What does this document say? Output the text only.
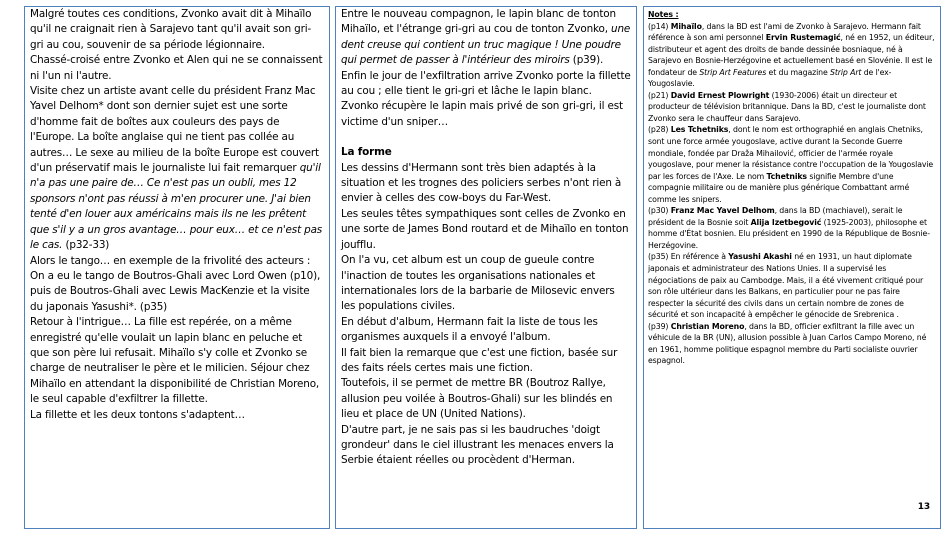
Malgré toutes ces conditions, Zvonko avait dit à Mihaïlo qu'il ne craignait rien à Sarajevo tant qu'il avait son gri-gri au cou, souvenir de sa période légionnaire.

Chassé-croisé entre Zvonko et Alen qui ne se connaissent ni l'un ni l'autre.

Visite chez un artiste avant celle du président Franz Mac Yavel Delhom* dont son dernier sujet est une sorte d'homme fait de boîtes aux couleurs des pays de l'Europe. La boîte anglaise qui ne tient pas collée au autres… Le sexe au milieu de la boîte Europe est couvert d'un préservatif mais le journaliste lui fait remarquer qu'il n'a pas une paire de… Ce n'est pas un oubli, mes 12 sponsors n'ont pas réussi à m'en procurer une. J'ai bien tenté d'en louer aux américains mais ils ne les prêtent que s'il y a un gros avantage… pour eux… et ce n'est pas le cas. (p32-33)

Alors le tango… en exemple de la frivolité des acteurs :

On a eu le tango de Boutros-Ghali avec Lord Owen (p10), puis de Boutros-Ghali avec Lewis MacKenzie et la visite du japonais Yasushi*. (p35)

Retour à l'intrigue… La fille est repérée, on a même enregistré qu'elle voulait un lapin blanc en peluche et que son père lui refusait. Mihaïlo s'y colle et Zvonko se charge de neutraliser le père et le milicien. Séjour chez Mihaïlo en attendant la disponibilité de Christian Moreno, le seul capable d'exfiltrer la fillette.

La fillette et les deux tontons s'adaptent…

Entre le nouveau compagnon, le lapin blanc de tonton Mihaïlo, et l'étrange gri-gri au cou de tonton Zvonko, une dent creuse qui contient un truc magique ! Une poudre qui permet de passer à l'intérieur des miroirs (p39).

Enfin le jour de l'exfiltration arrive Zvonko porte la fillette au cou ; elle tient le gri-gri et lâche le lapin blanc. Zvonko récupère le lapin mais privé de son gri-gri, il est victime d'un sniper…

La forme

Les dessins d'Hermann sont très bien adaptés à la situation et les trognes des policiers serbes n'ont rien à envier à celles des cow-boys du Far-West.

Les seules têtes sympathiques sont celles de Zvonko en une sorte de James Bond routard et de Mihaïlo en tonton joufflu.

On l'a vu, cet album est un coup de gueule contre l'inaction de toutes les organisations nationales et internationales lors de la barbarie de Milosevic envers les populations civiles.

En début d'album, Hermann fait la liste de tous les organismes auxquels il a envoyé l'album.

Il fait bien la remarque que c'est une fiction, basée sur des faits réels certes mais une fiction.

Toutefois, il se permet de mettre BR (Boutroz Rallye, allusion peu voilée à Boutros-Ghali) sur les blindés en lieu et place de UN (United Nations).

D'autre part, je ne sais pas si les baudruches 'doigt grondeur' dans le ciel illustrant les menaces envers la Serbie étaient réelles ou procèdent d'Herman.

Notes :

(p14) Mihaïlo, dans la BD est l'ami de Zvonko à Sarajevo. Hermann fait référence à son ami personnel Ervin Rustemagić, né en 1952, un éditeur, distributeur et agent des droits de bande dessinée bosniaque, né à Sarajevo en Bosnie-Herzégovine et actuellement basé en Slovénie. Il est le fondateur de Strip Art Features et du magazine Strip Art de l'ex-Yougoslavie.

(p21) David Ernest Plowright (1930-2006) était un directeur et producteur de télévision britannique. Dans la BD, c'est le journaliste dont Zvonko sera le chauffeur dans Sarajevo.

(p28) Les Tchetniks, dont le nom est orthographié en anglais Chetniks, sont une force armée yougoslave, active durant la Seconde Guerre mondiale, fondée par Draža Mihailović, officier de l'armée royale yougoslave, pour mener la résistance contre l'occupation de la Yougoslavie par les forces de l'Axe. Le nom Tchetniks signifie Membre d'une compagnie militaire ou de manière plus générique Combattant armé comme les snipers.

(p30) Franz Mac Yavel Delhom, dans la BD (machiavel), serait le président de la Bosnie soit Alija Izetbegović (1925-2003), philosophe et homme d'État bosnien. Elu président en 1990 de la République de Bosnie-Herzégovine.

(p35) En référence à Yasushi Akashi né en 1931, un haut diplomate japonais et administrateur des Nations Unies. Il a supervisé les négociations de paix au Cambodge. Mais, il a été vivement critiqué pour son rôle ultérieur dans les Balkans, en particulier pour ne pas faire respecter la sécurité des civils dans un certain nombre de zones de sécurité et son incapacité à empêcher le génocide de Srebrenica .

(p39) Christian Moreno, dans la BD, officier exfiltrant la fille avec un véhicule de la BR (UN), allusion possible à Juan Carlos Campo Moreno, né en 1961, homme politique espagnol membre du Parti socialiste ouvrier espagnol.

13
